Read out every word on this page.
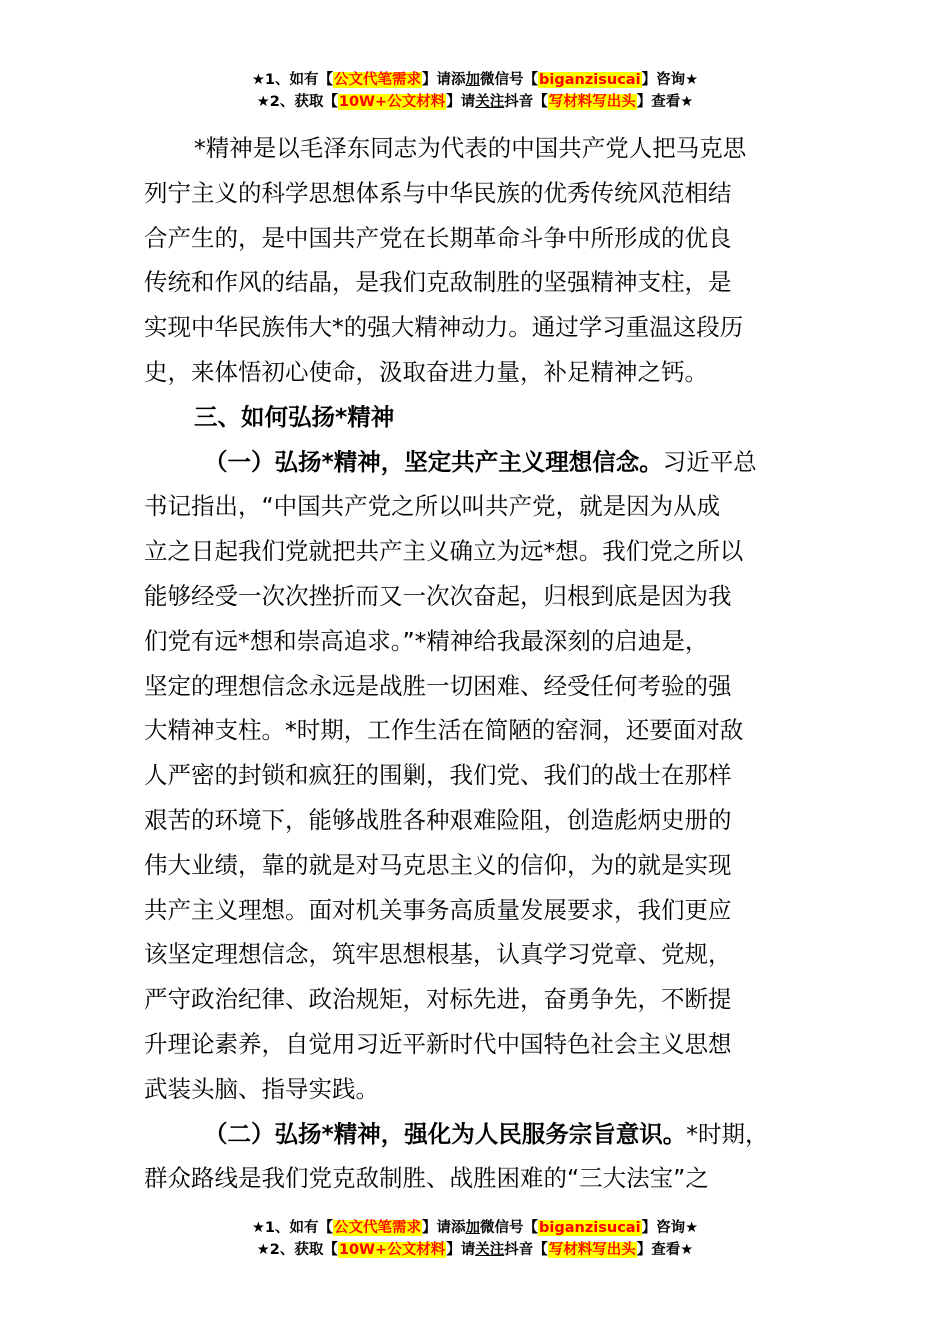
★1、如有【公文代笔需求】请添加微信号【biganzisucai】咨询★
★2、获取【10W+公文材料】请关注抖音【写材料写出头】查看★
*精神是以毛泽东同志为代表的中国共产党人把马克思
列宁主义的科学思想体系与中华民族的优秀传统风范相结
合产生的，是中国共产党在长期革命斗争中所形成的优良
传统和作风的结晶，是我们克敌制胜的坚强精神支柱，是
实现中华民族伟大*的强大精神动力。通过学习重温这段历
史，来体悟初心使命，汲取奋进力量，补足精神之钙。
三、如何弘扬*精神
（一）弘扬*精神，坚定共产主义理想信念。习近平总
书记指出，“中国共产党之所以叫共产党，就是因为从成
立之日起我们党就把共产主义确立为远*想。我们党之所以
能够经受一次次挫折而又一次次奋起，归根到底是因为我
们党有远*想和崇高追求。”*精神给我最深刻的启迪是，
坚定的理想信念永远是战胜一切困难、经受任何考验的强
大精神支柱。*时期，工作生活在简陋的窑洞，还要面对敌
人严密的封锁和疯狂的围剿，我们党、我们的战士在那样
艰苦的环境下，能够战胜各种艰难险阻，创造彪炳史册的
伟大业绩，靠的就是对马克思主义的信仰，为的就是实现
共产主义理想。面对机关事务高质量发展要求，我们更应
该坚定理想信念，筑牢思想根基，认真学习党章、党规，
严守政治纪律、政治规矩，对标先进，奋勇争先，不断提
升理论素养，自觉用习近平新时代中国特色社会主义思想
武装头脑、指导实践。
（二）弘扬*精神，强化为人民服务宗旨意识。*时期，
群众路线是我们党克敌制胜、战胜困难的“三大法宝”之
★1、如有【公文代笔需求】请添加微信号【biganzisucai】咨询★
★2、获取【10W+公文材料】请关注抖音【写材料写出头】查看★
